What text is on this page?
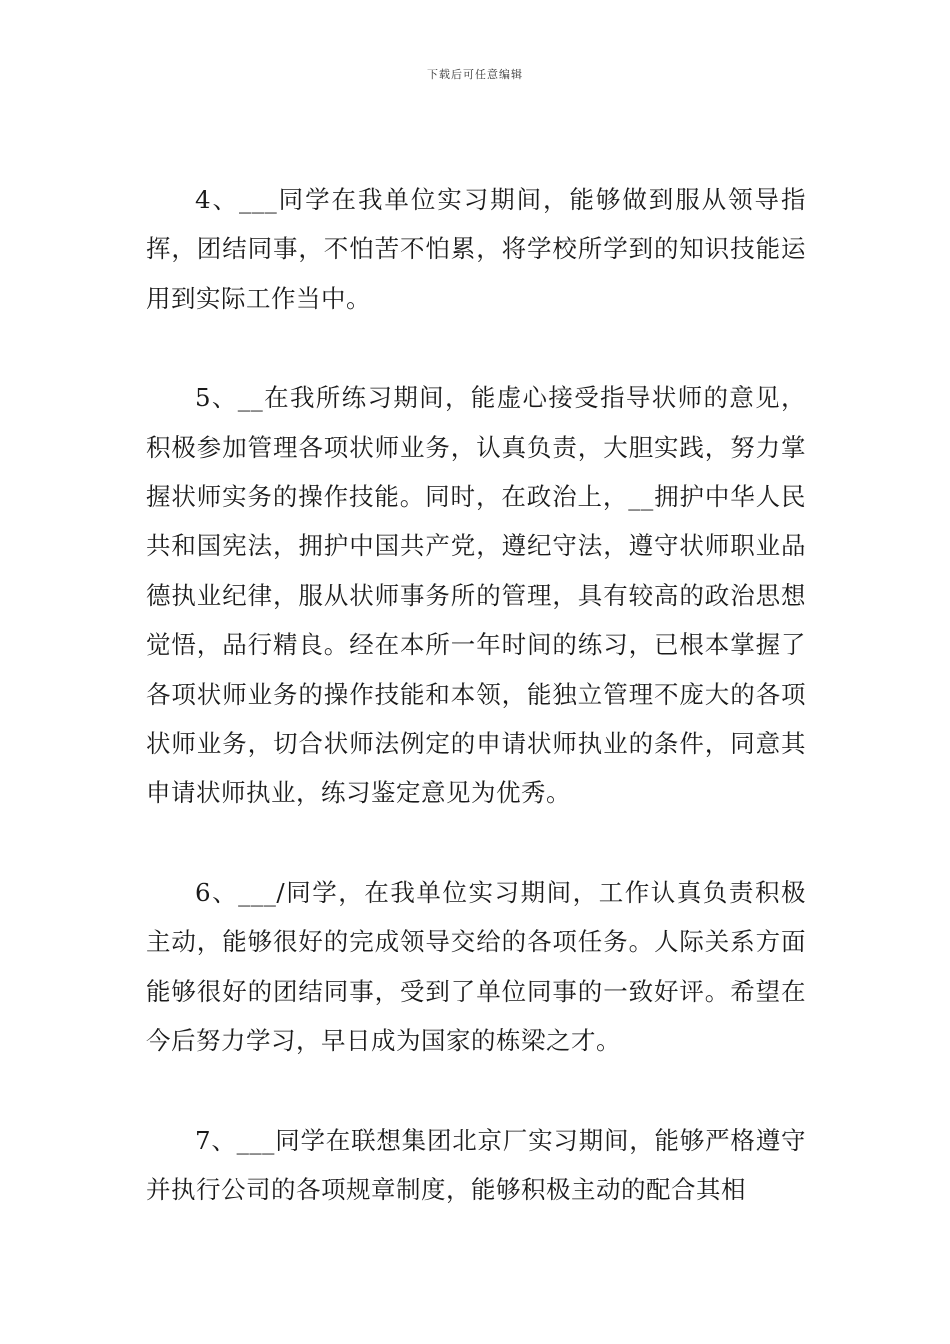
下载后可任意编辑

4、___同学在我单位实习期间，能够做到服从领导指挥，团结同事，不怕苦不怕累，将学校所学到的知识技能运用到实际工作当中。

5、__在我所练习期间，能虚心接受指导状师的意见，积极参加管理各项状师业务，认真负责，大胆实践，努力掌握状师实务的操作技能。同时，在政治上，__拥护中华人民共和国宪法，拥护中国共产党，遵纪守法，遵守状师职业品德执业纪律，服从状师事务所的管理，具有较高的政治思想觉悟，品行精良。经在本所一年时间的练习，已根本掌握了各项状师业务的操作技能和本领，能独立管理不庞大的各项状师业务，切合状师法例定的申请状师执业的条件，同意其申请状师执业，练习鉴定意见为优秀。

6、___/同学，在我单位实习期间，工作认真负责积极主动，能够很好的完成领导交给的各项任务。人际关系方面能够很好的团结同事，受到了单位同事的一致好评。希望在今后努力学习，早日成为国家的栋梁之才。

7、___同学在联想集团北京厂实习期间，能够严格遵守并执行公司的各项规章制度，能够积极主动的配合其相
